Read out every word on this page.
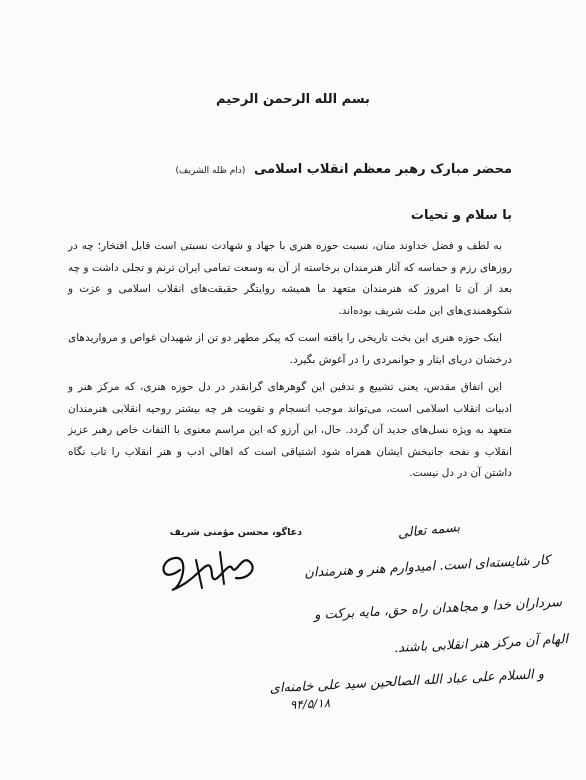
بسم الله الرحمن الرحیم
محضر مبارک رهبر معظم انقلاب اسلامی (دام ظله الشریف)
با سلام و تحیات

به لطف و فضل خداوند منان، نسبت حوزه هنری با جهاد و شهادت نسبتی است قابل افتخار؛ چه در روزهای رزم و حماسه که آثار هنرمندان برخاسته از آن به وسعت تمامی ایران ترنم و تجلی داشت و چه بعد از آن تا امروز که هنرمندان متعهد ما همیشه روایتگر حقیقت‌های انقلاب اسلامی و عزت و شکوهمندی‌های این ملت شریف بوده‌اند.

اینک حوزه هنری این بخت تاریخی را یافته است که پیکر مطهر دو تن از شهیدان غواص و مرواریدهای درخشان دریای ایثار و جوانمردی را در آغوش بگیرد.

این اتفاق مقدس، یعنی تشییع و تدفین این گوهرهای گرانقدر در دل حوزه هنری، که مرکز هنر و ادبیات انقلاب اسلامی است، می‌تواند موجب انسجام و تقویت هر چه بیشتر روحیه انقلابی هنرمندان متعهد به ویژه نسل‌های جدید آن گردد. حال، این آرزو که این مراسم معنوی با التفات خاص رهبر عزیز انقلاب و نفحه جانبخش ایشان همراه شود اشتیاقی است که اهالی ادب و هنر انقلاب را تاب نگاه داشتن آن در دل نیست.

دعاگو، محسن مؤمنی شریف	بسمه تعالی
کار شایسته‌ای است. امیدوارم هنر و هنرمندان
سرداران خدا و مجاهدان راه حق، مایه برکت و
الهام آن مرکز هنر انقلابی باشند.
و السلام علی عباد الله الصالحین سید علی خامنه‌ای
۹۴/۵/۱۸
